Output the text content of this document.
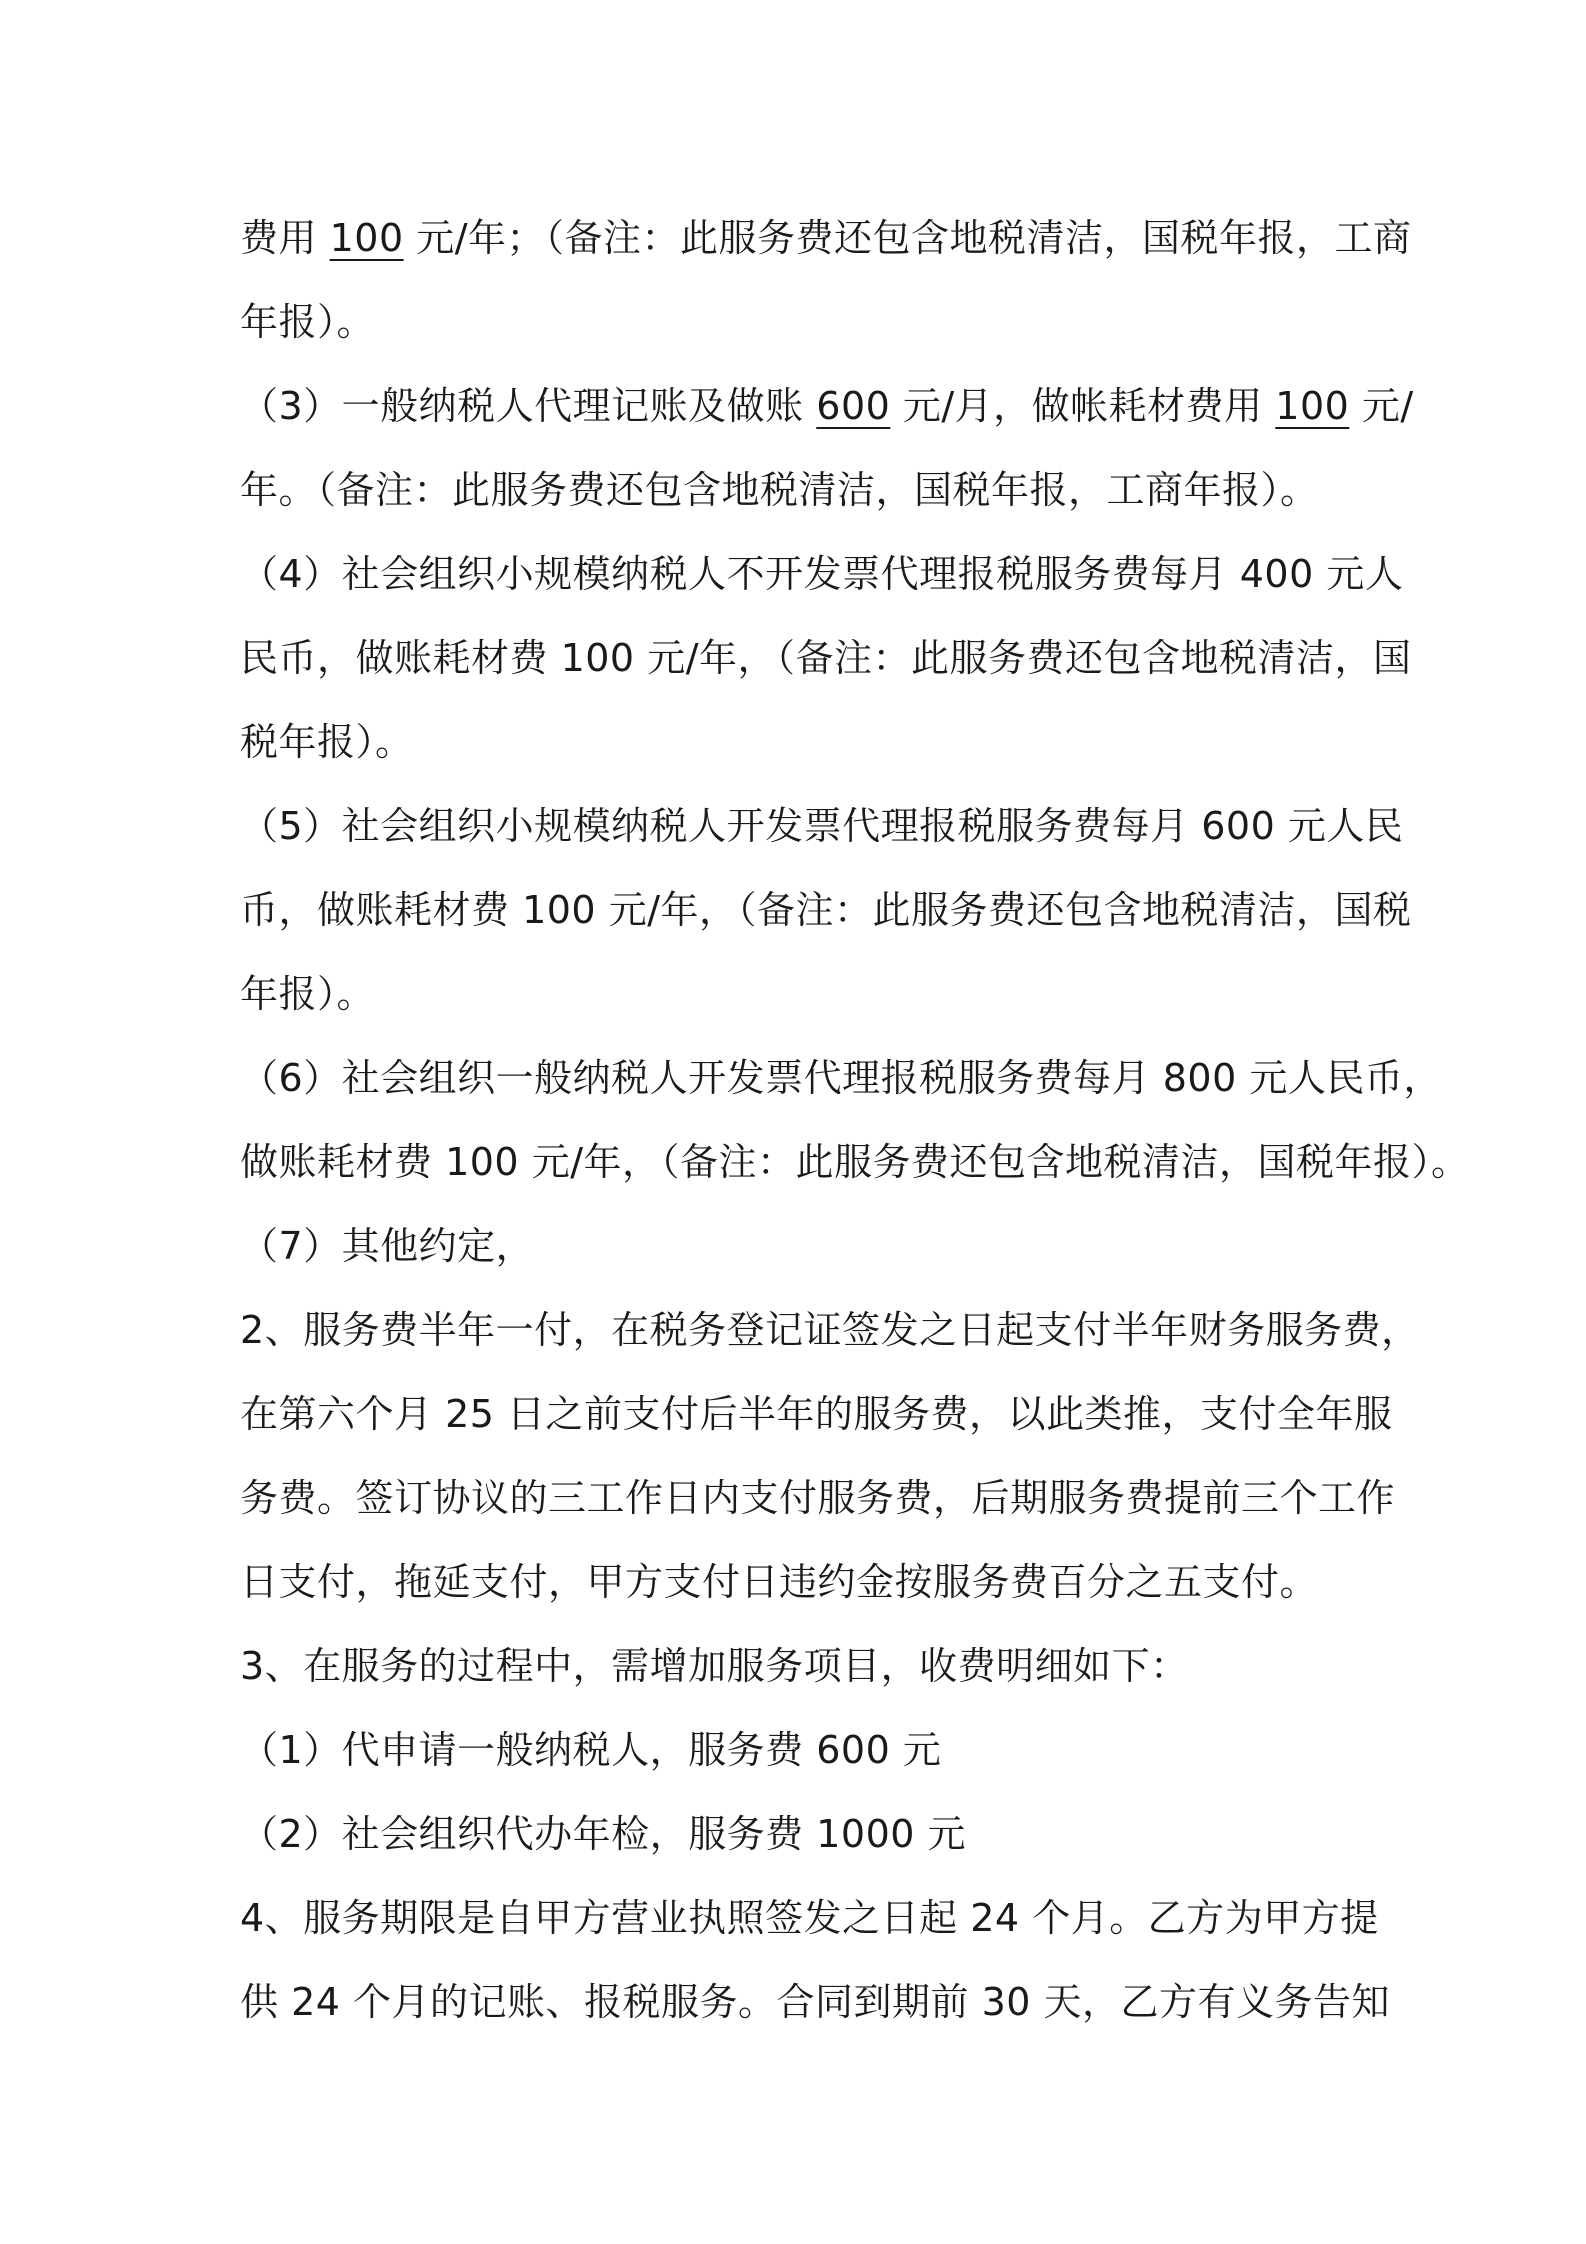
费用 100 元/年；（备注：此服务费还包含地税清洁，国税年报，工商
年报）。
（3）一般纳税人代理记账及做账 600 元/月，做帐耗材费用 100 元/
年。（备注：此服务费还包含地税清洁，国税年报，工商年报）。
（4）社会组织小规模纳税人不开发票代理报税服务费每月 400 元人
民币，做账耗材费 100 元/年，（备注：此服务费还包含地税清洁，国
税年报）。
（5）社会组织小规模纳税人开发票代理报税服务费每月 600 元人民
币，做账耗材费 100 元/年，（备注：此服务费还包含地税清洁，国税
年报）。
（6）社会组织一般纳税人开发票代理报税服务费每月 800 元人民币，
做账耗材费 100 元/年，（备注：此服务费还包含地税清洁，国税年报）。
（7）其他约定，
2、服务费半年一付，在税务登记证签发之日起支付半年财务服务费，
在第六个月 25 日之前支付后半年的服务费，以此类推，支付全年服
务费。签订协议的三工作日内支付服务费，后期服务费提前三个工作
日支付，拖延支付，甲方支付日违约金按服务费百分之五支付。
3、在服务的过程中，需增加服务项目，收费明细如下：
（1）代申请一般纳税人，服务费 600 元
（2）社会组织代办年检，服务费 1000 元
4、服务期限是自甲方营业执照签发之日起 24 个月。乙方为甲方提
供 24 个月的记账、报税服务。合同到期前 30 天，乙方有义务告知
